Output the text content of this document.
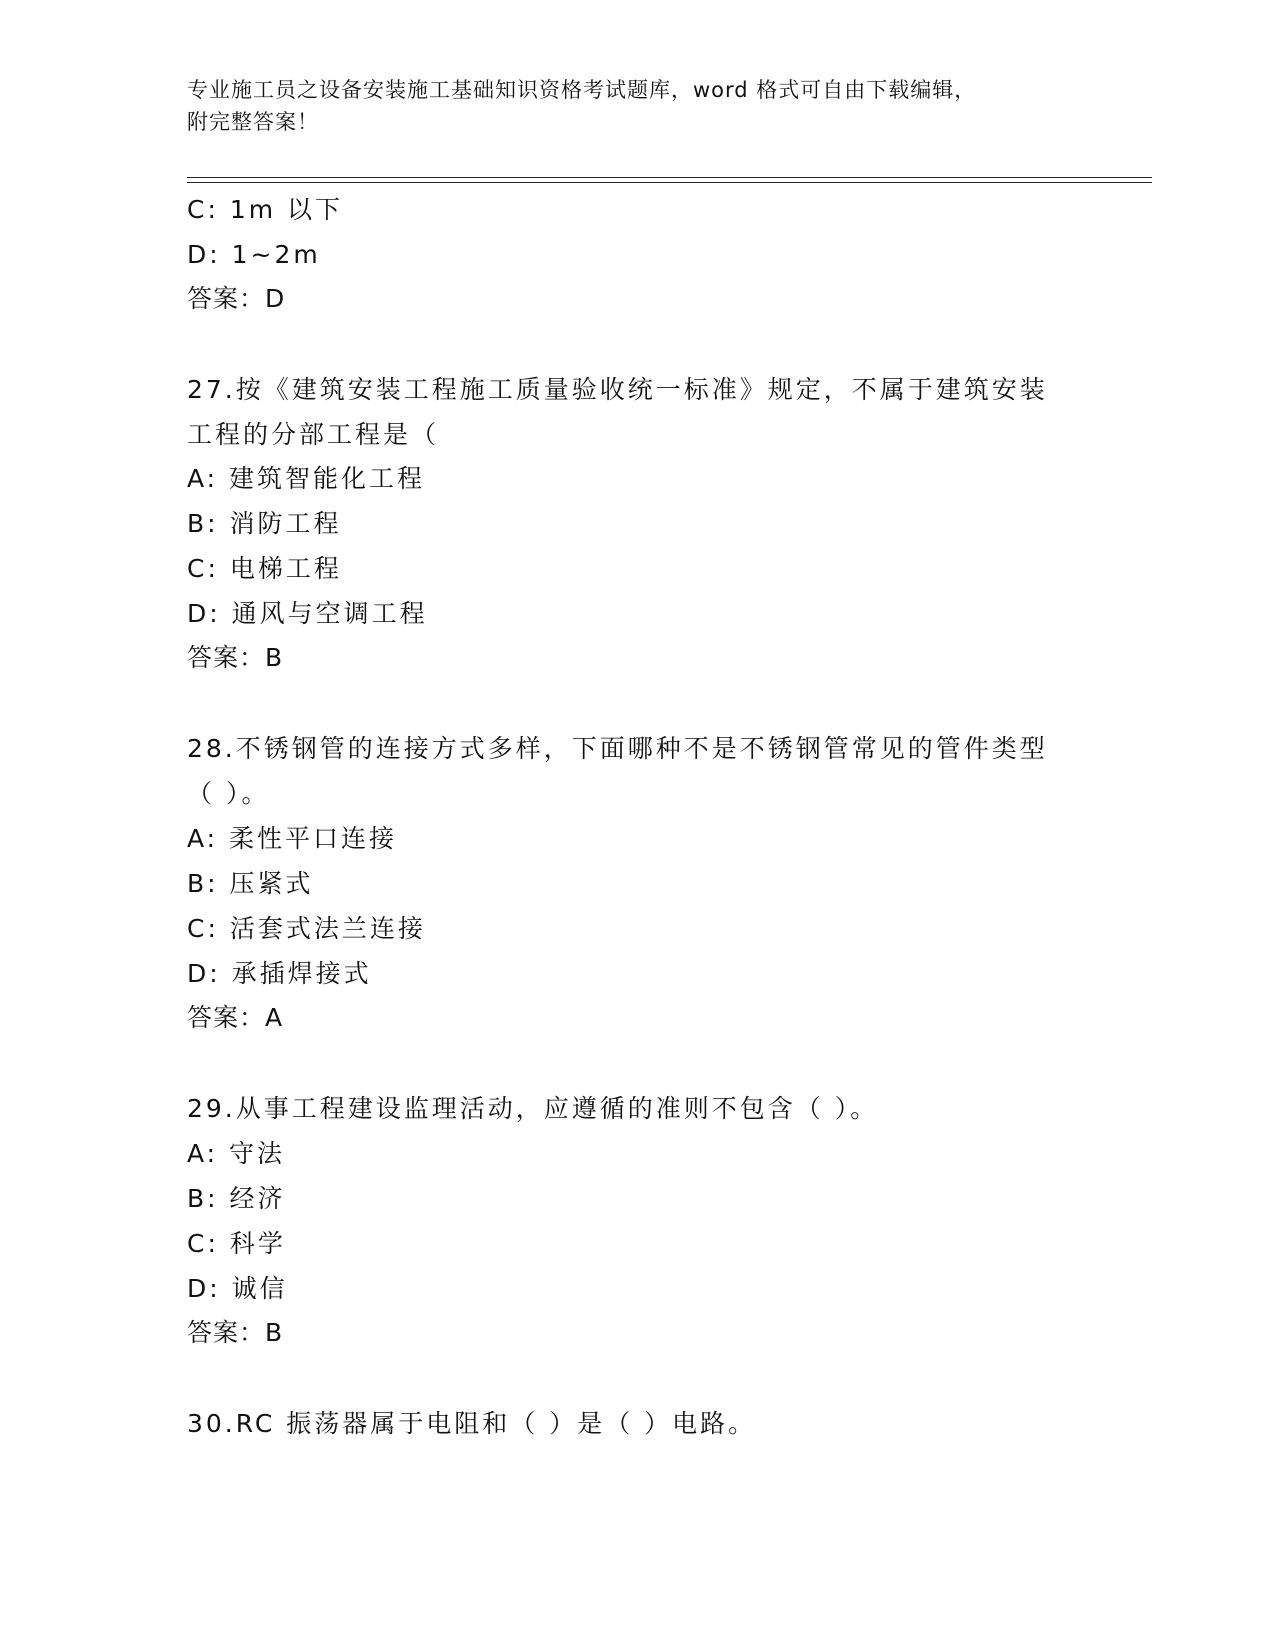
专业施工员之设备安装施工基础知识资格考试题库，word 格式可自由下载编辑，
附完整答案！
C: 1m 以下
D: 1~2m
答案：D
27.按《建筑安装工程施工质量验收统一标准》规定，不属于建筑安装
工程的分部工程是（
A: 建筑智能化工程
B: 消防工程
C: 电梯工程
D: 通风与空调工程
答案：B
28.不锈钢管的连接方式多样，下面哪种不是不锈钢管常见的管件类型
（ ）。
A: 柔性平口连接
B: 压紧式
C: 活套式法兰连接
D: 承插焊接式
答案：A
29.从事工程建设监理活动，应遵循的准则不包含（ ）。
A: 守法
B: 经济
C: 科学
D: 诚信
答案：B
30.RC 振荡器属于电阻和（ ）是（ ）电路。
